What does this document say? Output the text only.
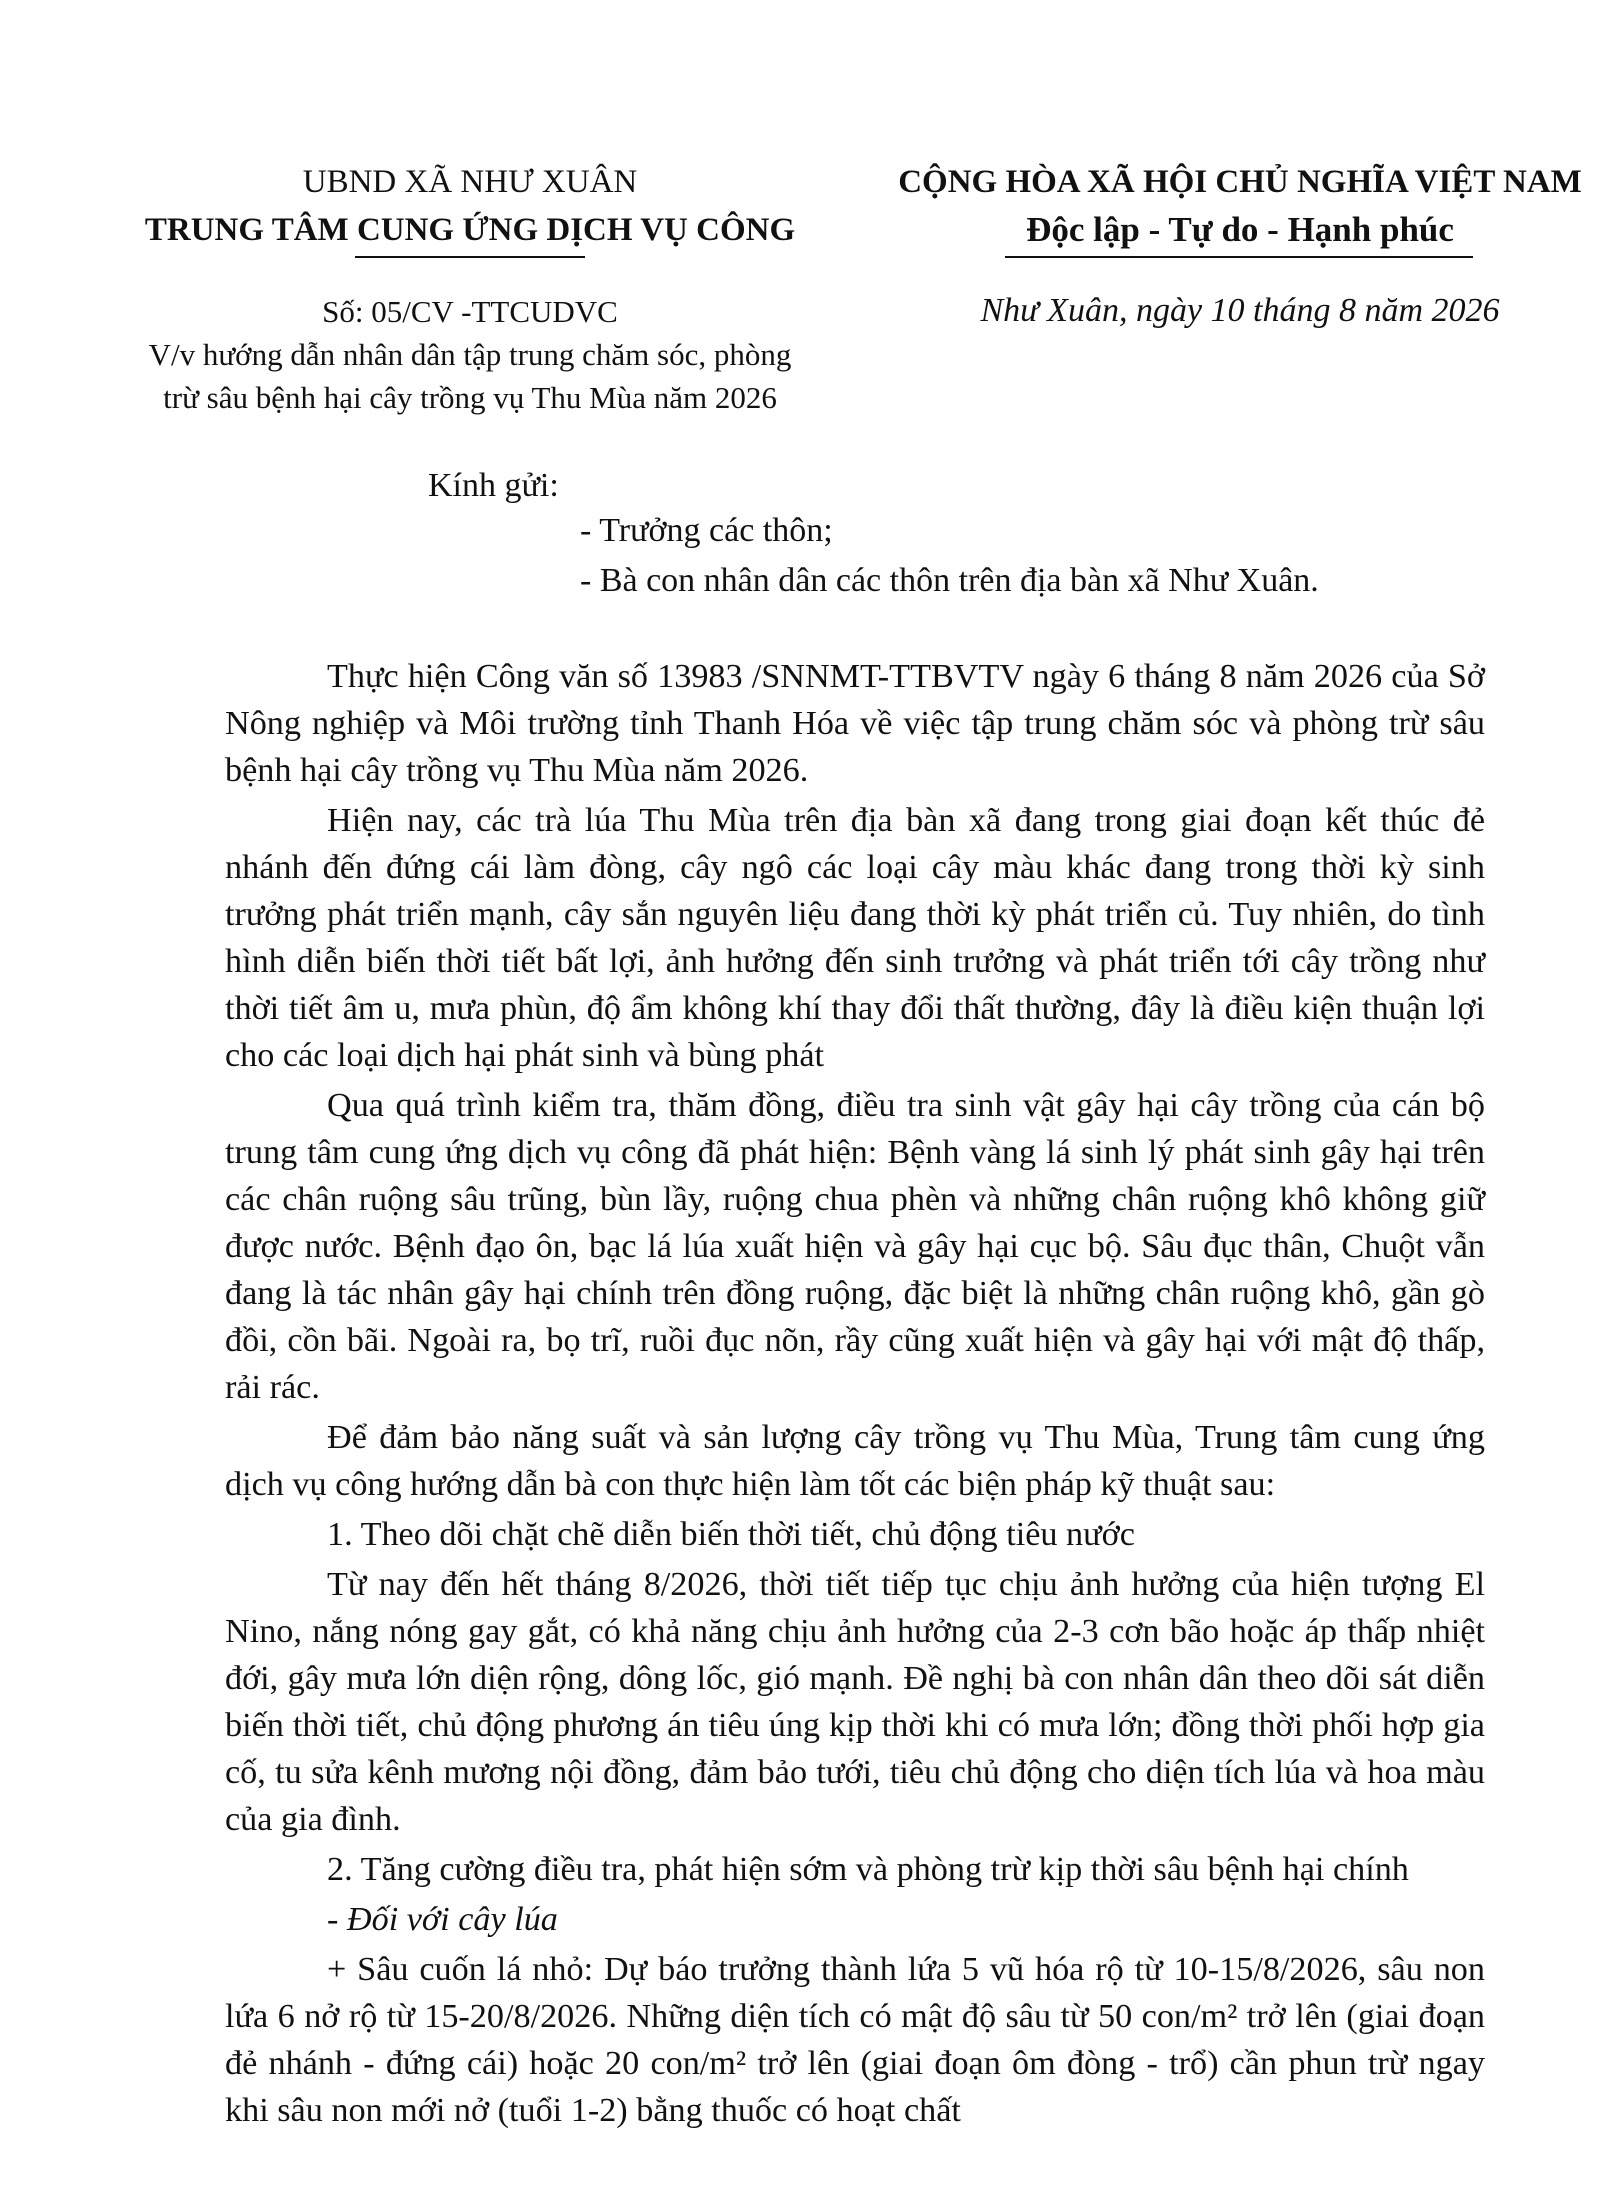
UBND XÃ NHƯ XUÂN
TRUNG TÂM CUNG ỨNG DỊCH VỤ CÔNG
CỘNG HÒA XÃ HỘI CHỦ NGHĨA VIỆT NAM
Độc lập - Tự do - Hạnh phúc
Số: 05/CV -TTCUDVC
V/v hướng dẫn nhân dân tập trung chăm sóc, phòng
trừ sâu bệnh hại cây trồng vụ Thu Mùa năm 2026
Như Xuân, ngày 10 tháng 8 năm 2026
Kính gửi:
- Trưởng các thôn;
- Bà con nhân dân các thôn trên địa bàn xã Như Xuân.

Thực hiện Công văn số 13983 /SNNMT-TTBVTV ngày 6 tháng 8 năm 2026 của Sở Nông nghiệp và Môi trường tỉnh Thanh Hóa về việc tập trung chăm sóc và phòng trừ sâu bệnh hại cây trồng vụ Thu Mùa năm 2026.

Hiện nay, các trà lúa Thu Mùa trên địa bàn xã đang trong giai đoạn kết thúc đẻ nhánh đến đứng cái làm đòng, cây ngô các loại cây màu khác đang trong thời kỳ sinh trưởng phát triển mạnh, cây sắn nguyên liệu đang thời kỳ phát triển củ. Tuy nhiên, do tình hình diễn biến thời tiết bất lợi, ảnh hưởng đến sinh trưởng và phát triển tới cây trồng như thời tiết âm u, mưa phùn, độ ẩm không khí thay đổi thất thường, đây là điều kiện thuận lợi cho các loại dịch hại phát sinh và bùng phát

Qua quá trình kiểm tra, thăm đồng, điều tra sinh vật gây hại cây trồng của cán bộ trung tâm cung ứng dịch vụ công đã phát hiện: Bệnh vàng lá sinh lý phát sinh gây hại trên các chân ruộng sâu trũng, bùn lầy, ruộng chua phèn và những chân ruộng khô không giữ được nước. Bệnh đạo ôn, bạc lá lúa xuất hiện và gây hại cục bộ. Sâu đục thân, Chuột vẫn đang là tác nhân gây hại chính trên đồng ruộng, đặc biệt là những chân ruộng khô, gần gò đồi, cồn bãi. Ngoài ra, bọ trĩ, ruồi đục nõn, rầy cũng xuất hiện và gây hại với mật độ thấp, rải rác.

Để đảm bảo năng suất và sản lượng cây trồng vụ Thu Mùa, Trung tâm cung ứng dịch vụ công hướng dẫn bà con thực hiện làm tốt các biện pháp kỹ thuật sau:

1. Theo dõi chặt chẽ diễn biến thời tiết, chủ động tiêu nước

Từ nay đến hết tháng 8/2026, thời tiết tiếp tục chịu ảnh hưởng của hiện tượng El Nino, nắng nóng gay gắt, có khả năng chịu ảnh hưởng của 2-3 cơn bão hoặc áp thấp nhiệt đới, gây mưa lớn diện rộng, dông lốc, gió mạnh. Đề nghị bà con nhân dân theo dõi sát diễn biến thời tiết, chủ động phương án tiêu úng kịp thời khi có mưa lớn; đồng thời phối hợp gia cố, tu sửa kênh mương nội đồng, đảm bảo tưới, tiêu chủ động cho diện tích lúa và hoa màu của gia đình.

2. Tăng cường điều tra, phát hiện sớm và phòng trừ kịp thời sâu bệnh hại chính

- Đối với cây lúa

+ Sâu cuốn lá nhỏ: Dự báo trưởng thành lứa 5 vũ hóa rộ từ 10-15/8/2026, sâu non lứa 6 nở rộ từ 15-20/8/2026. Những diện tích có mật độ sâu từ 50 con/m² trở lên (giai đoạn đẻ nhánh - đứng cái) hoặc 20 con/m² trở lên (giai đoạn ôm đòng - trổ) cần phun trừ ngay khi sâu non mới nở (tuổi 1-2) bằng thuốc có hoạt chất
